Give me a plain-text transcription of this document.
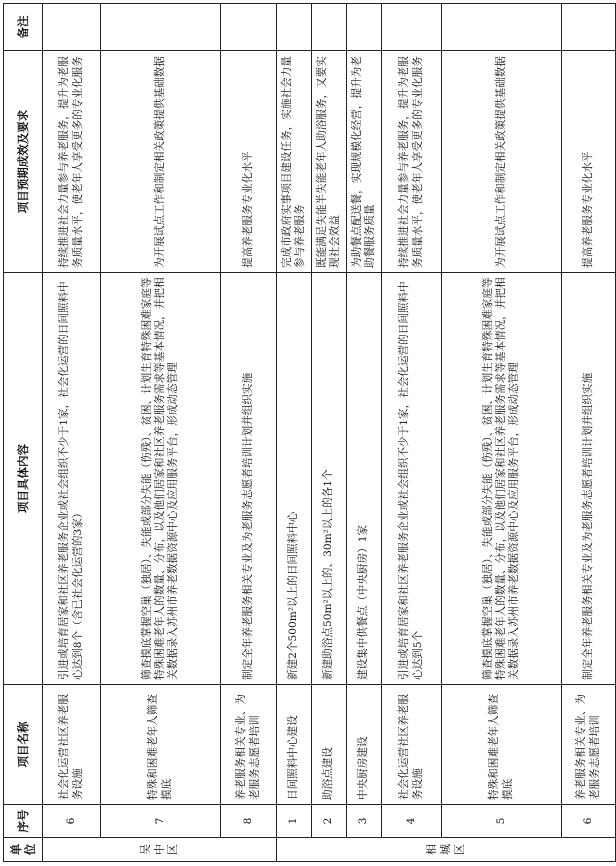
单位	序号	项目名称	项目具体内容	项目预期成效及要求	备注
吴中区	6	社会化运营社区养老服务设施	引进或培育居家和社区养老服务企业或社会组织不少于1家，社会化运营的日间照料中心达到8个（含已社会化运营的3家）	持续推进社会力量参与养老服务，提升为老服务质量水平，使老年人享受更多的专业化服务	
	7	特殊和困难老年人筛查摸底	筛查摸底掌握空巢（独居）、失能或部分失能（伤残）、贫困、计划生育特殊困难家庭等特殊困难老年人的数量、分布，以及他们居家和社区养老服务需求等基本情况，并把相关数据录入苏州市养老数据资源中心及应用服务平台，形成动态管理	为开展试点工作和制定相关政策提供基础数据	
	8	养老服务相关专业、为老服务志愿者培训	制定全年养老服务相关专业及为老服务志愿者培训计划并组织实施	提高养老服务专业化水平	
相城区	1	日间照料中心建设	新建2个500m²以上的日间照料中心	完成市政府实事项目建设任务，实施社会力量参与养老服务	
	2	助浴点建设	新建助浴点50m²以上的、30m²以上的各1个	既能满足失能半失能老年人助浴服务，又要实现社会效益	
	3	中央厨房建设	建设集中供餐点（中央厨房）1家	为助餐点配送餐，实现规模化经营，提升为老助餐服务质量	
	4	社会化运营社区养老服务设施	引进或培育居家和社区养老服务企业或社会组织不少于1家，社会化运营的日间照料中心达到5个	持续推进社会力量参与养老服务，提升为老服务质量水平，使老年人享受更多的专业化服务	
	5	特殊和困难老年人筛查摸底	筛查摸底掌握空巢（独居）、失能或部分失能（伤残）、贫困、计划生育特殊困难家庭等特殊困难老年人的数量、分布，以及他们居家和社区养老服务需求等基本情况，并把相关数据录入苏州市养老数据资源中心及应用服务平台，形成动态管理	为开展试点工作和制定相关政策提供基础数据	
	6	养老服务相关专业、为老服务志愿者培训	制定全年养老服务相关专业及为老服务志愿者培训计划并组织实施	提高养老服务专业化水平	
